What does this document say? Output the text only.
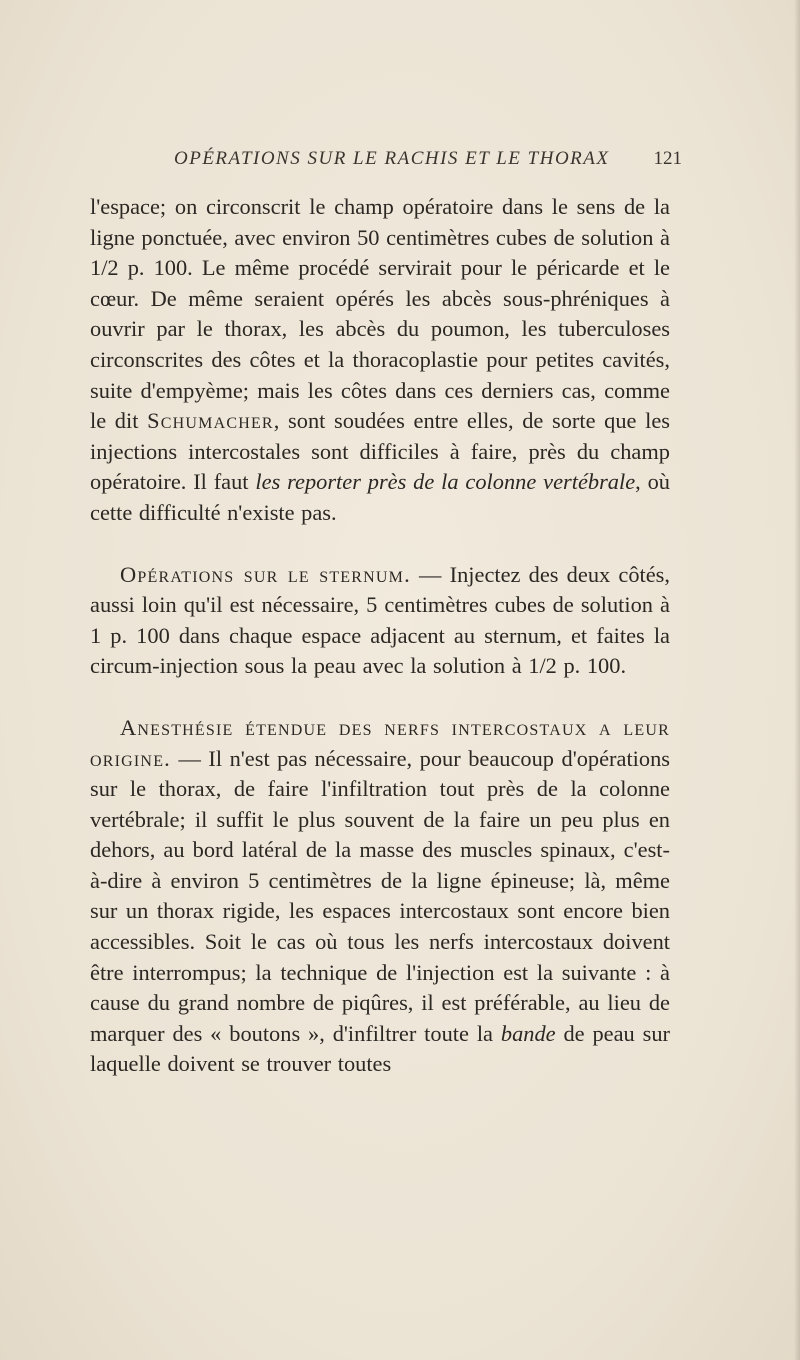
OPÉRATIONS SUR LE RACHIS ET LE THORAX 121

l'espace; on circonscrit le champ opératoire dans le sens de la ligne ponctuée, avec environ 50 centimètres cubes de solution à 1/2 p. 100. Le même procédé servirait pour le péricarde et le cœur. De même seraient opérés les abcès sous-phréniques à ouvrir par le thorax, les abcès du poumon, les tuberculoses circonscrites des côtes et la thoracoplastie pour petites cavités, suite d'empyème; mais les côtes dans ces derniers cas, comme le dit Schumacher, sont soudées entre elles, de sorte que les injections intercostales sont difficiles à faire, près du champ opératoire. Il faut les reporter près de la colonne vertébrale, où cette difficulté n'existe pas.

Opérations sur le sternum. — Injectez des deux côtés, aussi loin qu'il est nécessaire, 5 centimètres cubes de solution à 1 p. 100 dans chaque espace adjacent au sternum, et faites la circum-injection sous la peau avec la solution à 1/2 p. 100.

Anesthésie étendue des nerfs intercostaux a leur origine. — Il n'est pas nécessaire, pour beaucoup d'opérations sur le thorax, de faire l'infiltration tout près de la colonne vertébrale; il suffit le plus souvent de la faire un peu plus en dehors, au bord latéral de la masse des muscles spinaux, c'est-à-dire à environ 5 centimètres de la ligne épineuse; là, même sur un thorax rigide, les espaces intercostaux sont encore bien accessibles. Soit le cas où tous les nerfs intercostaux doivent être interrompus; la technique de l'injection est la suivante : à cause du grand nombre de piqûres, il est préférable, au lieu de marquer des « boutons », d'infiltrer toute la bande de peau sur laquelle doivent se trouver toutes
